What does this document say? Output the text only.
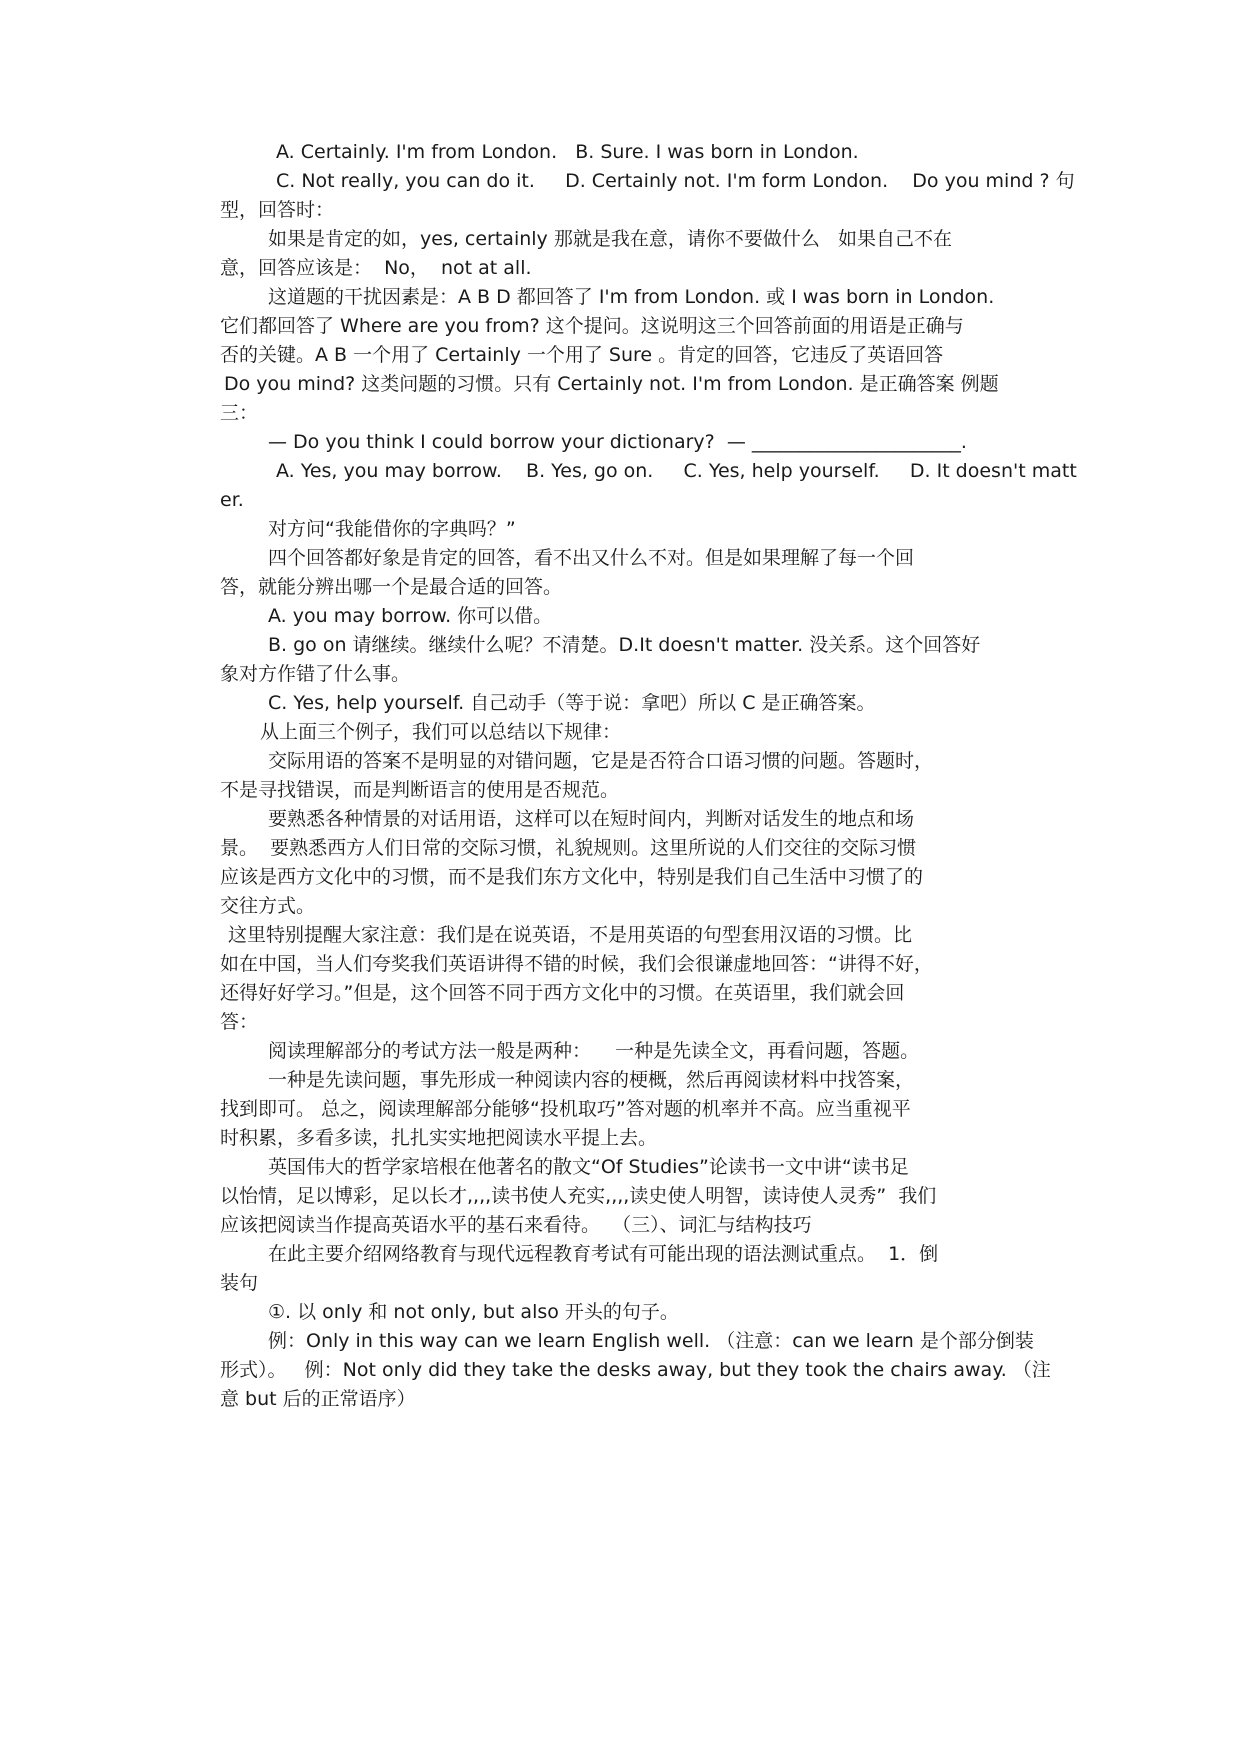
A. Certainly. I'm from London.   B. Sure. I was born in London.
C. Not really, you can do it.     D. Certainly not. I'm form London.    Do you mind ? 句
型，回答时：
如果是肯定的如，yes, certainly 那就是我在意，请你不要做什么   如果自己不在
意，回答应该是：  No，  not at all.
这道题的干扰因素是：A B D 都回答了 I'm from London. 或 I was born in London.
它们都回答了 Where are you from? 这个提问。这说明这三个回答前面的用语是正确与
否的关键。A B 一个用了 Certainly 一个用了 Sure 。肯定的回答，它违反了英语回答
Do you mind? 这类问题的习惯。只有 Certainly not. I'm from London. 是正确答案 例题
三：
— Do you think I could borrow your dictionary?  — ______________________.
A. Yes, you may borrow.    B. Yes, go on.     C. Yes, help yourself.     D. It doesn't matt
er.
对方问“我能借你的字典吗？”
四个回答都好象是肯定的回答，看不出又什么不对。但是如果理解了每一个回
答，就能分辨出哪一个是最合适的回答。
A. you may borrow. 你可以借。
B. go on 请继续。继续什么呢？不清楚。D.It doesn't matter. 没关系。这个回答好
象对方作错了什么事。
C. Yes, help yourself. 自己动手（等于说：拿吧）所以 C 是正确答案。
从上面三个例子，我们可以总结以下规律：
交际用语的答案不是明显的对错问题，它是是否符合口语习惯的问题。答题时，
不是寻找错误，而是判断语言的使用是否规范。
要熟悉各种情景的对话用语，这样可以在短时间内，判断对话发生的地点和场
景。  要熟悉西方人们日常的交际习惯，礼貌规则。这里所说的人们交往的交际习惯
应该是西方文化中的习惯，而不是我们东方文化中，特别是我们自己生活中习惯了的
交往方式。
这里特别提醒大家注意：我们是在说英语，不是用英语的句型套用汉语的习惯。比
如在中国，当人们夸奖我们英语讲得不错的时候，我们会很谦虚地回答：“讲得不好，
还得好好学习。”但是，这个回答不同于西方文化中的习惯。在英语里，我们就会回
答：
阅读理解部分的考试方法一般是两种：    一种是先读全文，再看问题，答题。
一种是先读问题，事先形成一种阅读内容的梗概，然后再阅读材料中找答案，
找到即可。 总之，阅读理解部分能够“投机取巧”答对题的机率并不高。应当重视平
时积累，多看多读，扎扎实实地把阅读水平提上去。
英国伟大的哲学家培根在他著名的散文“Of Studies”论读书一文中讲“读书足
以怡情，足以博彩，足以长才,,,,读书使人充实,,,,读史使人明智，读诗使人灵秀”  我们
应该把阅读当作提高英语水平的基石来看待。  （三）、词汇与结构技巧
在此主要介绍网络教育与现代远程教育考试有可能出现的语法测试重点。  1．倒
装句
①. 以 only 和 not only, but also 开头的句子。
例：Only in this way can we learn English well. （注意：can we learn 是个部分倒装
形式）。   例：Not only did they take the desks away, but they took the chairs away. （注
意 but 后的正常语序）
